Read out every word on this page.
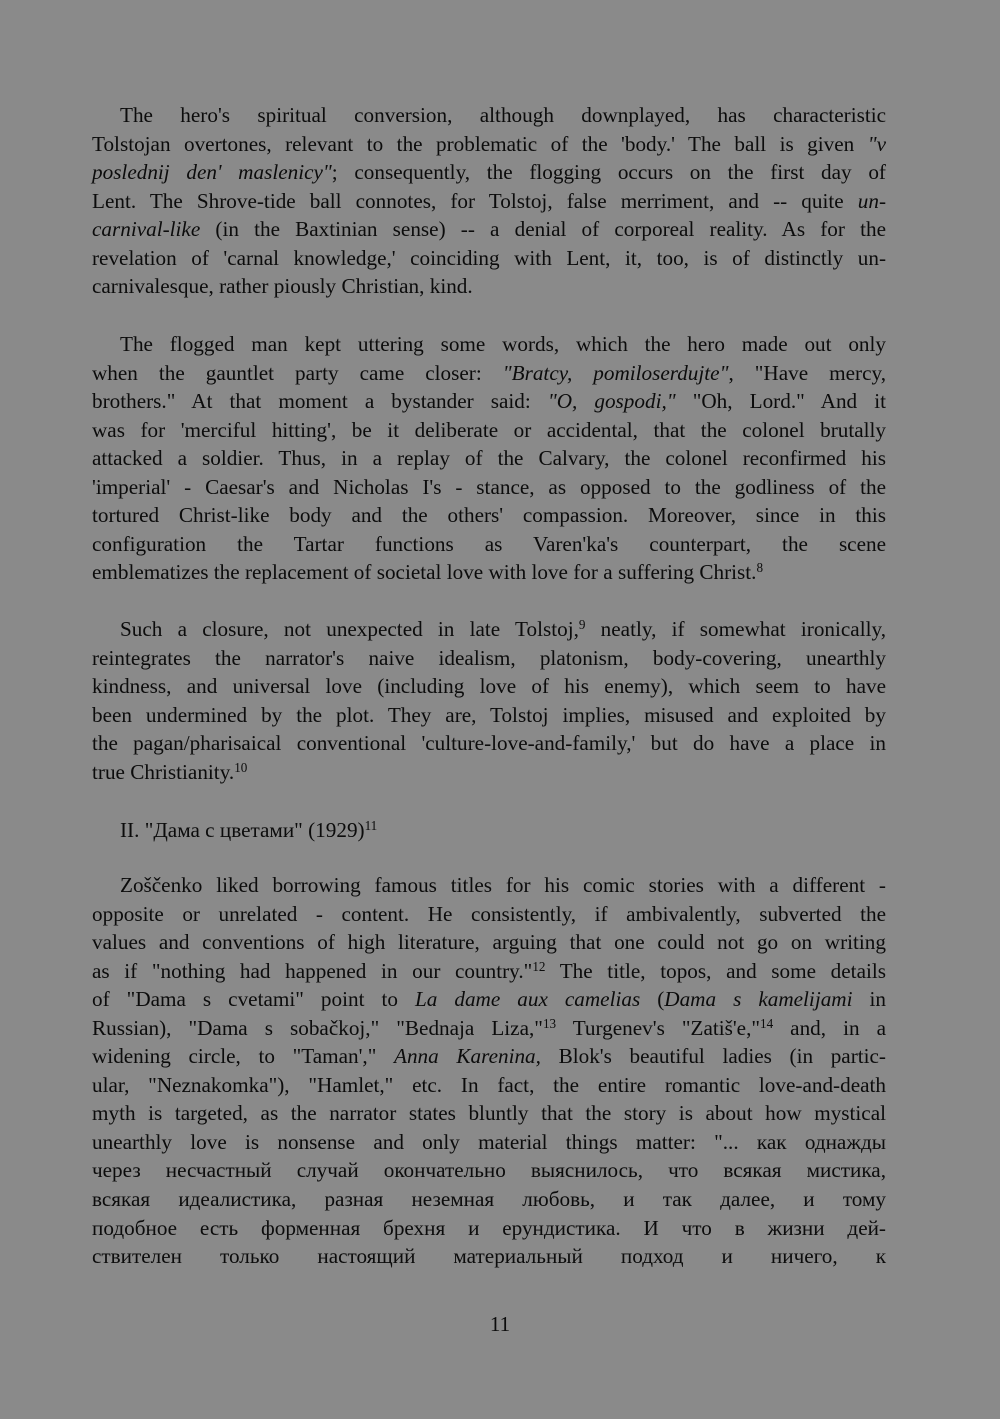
The hero's spiritual conversion, although downplayed, has characteristic
Tolstojan overtones, relevant to the problematic of the 'body.' The ball is given "v
poslednij den' maslenicy"; consequently, the flogging occurs on the first day of
Lent. The Shrove-tide ball connotes, for Tolstoj, false merriment, and -- quite un-
carnival-like (in the Baxtinian sense) -- a denial of corporeal reality. As for the
revelation of 'carnal knowledge,' coinciding with Lent, it, too, is of distinctly un-
carnivalesque, rather piously Christian, kind.
The flogged man kept uttering some words, which the hero made out only
when the gauntlet party came closer: "Bratcy, pomiloserdujte", "Have mercy,
brothers." At that moment a bystander said: "O, gospodi," "Oh, Lord." And it
was for 'merciful hitting', be it deliberate or accidental, that the colonel brutally
attacked a soldier. Thus, in a replay of the Calvary, the colonel reconfirmed his
'imperial' - Caesar's and Nicholas I's - stance, as opposed to the godliness of the
tortured Christ-like body and the others' compassion. Moreover, since in this
configuration the Tartar functions as Varen'ka's counterpart, the scene
emblematizes the replacement of societal love with love for a suffering Christ.$^8$
Such a closure, not unexpected in late Tolstoj,$^9$ neatly, if somewhat ironically,
reintegrates the narrator's naive idealism, platonism, body-covering, unearthly
kindness, and universal love (including love of his enemy), which seem to have
been undermined by the plot. They are, Tolstoj implies, misused and exploited by
the pagan/pharisaical conventional 'culture-love-and-family,' but do have a place in
true Christianity.$^{10}$
II. "Дама с цветами" $(1929)^{11}$
Zoščenko liked borrowing famous titles for his comic stories with a different -
opposite or unrelated - content. He consistently, if ambivalently, subverted the
values and conventions of high literature, arguing that one could not go on writing
as if "nothing had happened in our country."$^{12}$ The title, topos, and some details
of "Dama s cvetami" point to La dame aux camelias (Dama s kamelijami in
Russian), "Dama s sobačkoj," "Bednaja Liza,"$^{13}$ Turgenev's "Zatiš'e,"$^{14}$ and, in a
widening circle, to "Taman'," Anna Karenina, Blok's beautiful ladies (in partic-
ular, "Neznakomka"), "Hamlet," etc. In fact, the entire romantic love-and-death
myth is targeted, as the narrator states bluntly that the story is about how mystical
unearthly love is nonsense and only material things matter: "... как однажды
через несчастный случай окончательно выяснилось, что всякая мистика,
всякая идеалистика, разная неземная любовь, и так далее, и тому
подобное есть форменная брехня и ерундистика. И что в жизни дей-
ствителен только настоящий материальный подход и ничего, к
11
